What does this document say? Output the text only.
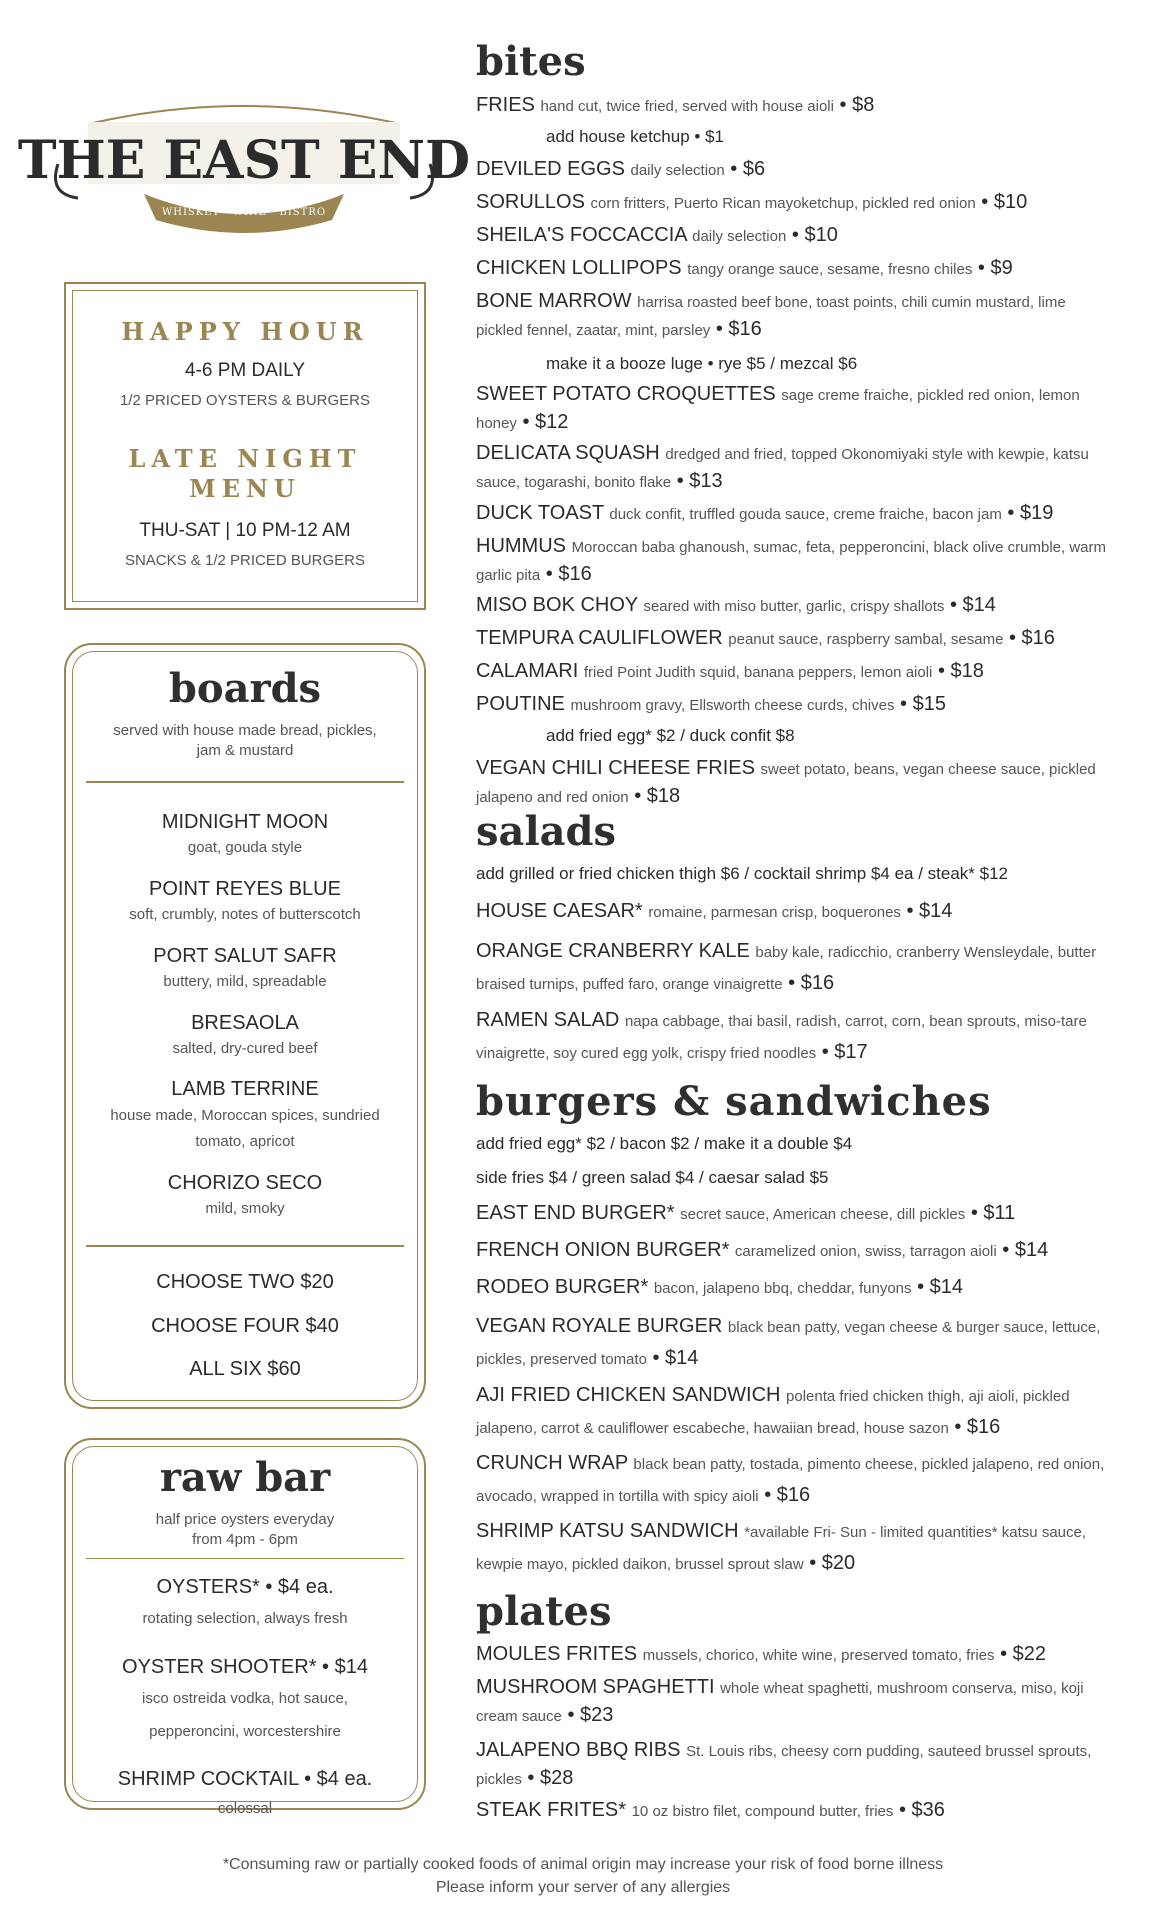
THE EAST END
WHISKEY · WINE · BISTRO
HAPPY HOUR
4-6 PM DAILY
1/2 PRICED OYSTERS & BURGERS
LATE NIGHT
MENU
THU-SAT | 10 PM-12 AM
SNACKS & 1/2 PRICED BURGERS
boards
served with house made bread, pickles,
jam & mustard
MIDNIGHT MOON
goat, gouda style
POINT REYES BLUE
soft, crumbly, notes of butterscotch
PORT SALUT SAFR
buttery, mild, spreadable
BRESAOLA
salted, dry-cured beef
LAMB TERRINE
house made, Moroccan spices, sundried
tomato, apricot
CHORIZO SECO
mild, smoky
CHOOSE TWO $20
CHOOSE FOUR $40
ALL SIX $60
raw bar
half price oysters everyday
from 4pm - 6pm
OYSTERS* • $4 ea.
rotating selection, always fresh
OYSTER SHOOTER* • $14
isco ostreida vodka, hot sauce,
pepperoncini, worcestershire
SHRIMP COCKTAIL • $4 ea.
colossal
bites
FRIES hand cut, twice fried, served with house aioli • $8
add house ketchup • $1
DEVILED EGGS daily selection • $6
SORULLOS corn fritters, Puerto Rican mayoketchup, pickled red onion • $10
SHEILA'S FOCCACCIA daily selection • $10
CHICKEN LOLLIPOPS tangy orange sauce, sesame, fresno chiles • $9
BONE MARROW harrisa roasted beef bone, toast points, chili cumin mustard, lime pickled fennel, zaatar, mint, parsley • $16
make it a booze luge • rye $5 / mezcal $6
SWEET POTATO CROQUETTES sage creme fraiche, pickled red onion, lemon honey • $12
DELICATA SQUASH dredged and fried, topped Okonomiyaki style with kewpie, katsu sauce, togarashi, bonito flake • $13
DUCK TOAST duck confit, truffled gouda sauce, creme fraiche, bacon jam • $19
HUMMUS Moroccan baba ghanoush, sumac, feta, pepperoncini, black olive crumble, warm garlic pita • $16
MISO BOK CHOY seared with miso butter, garlic, crispy shallots • $14
TEMPURA CAULIFLOWER peanut sauce, raspberry sambal, sesame • $16
CALAMARI fried Point Judith squid, banana peppers, lemon aioli • $18
POUTINE mushroom gravy, Ellsworth cheese curds, chives • $15
add fried egg* $2 / duck confit $8
VEGAN CHILI CHEESE FRIES sweet potato, beans, vegan cheese sauce, pickled jalapeno and red onion • $18
salads
add grilled or fried chicken thigh $6 / cocktail shrimp $4 ea / steak* $12
HOUSE CAESAR* romaine, parmesan crisp, boquerones • $14
ORANGE CRANBERRY KALE baby kale, radicchio, cranberry Wensleydale, butter braised turnips, puffed faro, orange vinaigrette • $16
RAMEN SALAD napa cabbage, thai basil, radish, carrot, corn, bean sprouts, miso-tare vinaigrette, soy cured egg yolk, crispy fried noodles • $17
burgers & sandwiches
add fried egg* $2 / bacon $2 / make it a double $4
side fries $4 / green salad $4 / caesar salad $5
EAST END BURGER* secret sauce, American cheese, dill pickles • $11
FRENCH ONION BURGER* caramelized onion, swiss, tarragon aioli • $14
RODEO BURGER* bacon, jalapeno bbq, cheddar, funyons • $14
VEGAN ROYALE BURGER black bean patty, vegan cheese & burger sauce, lettuce, pickles, preserved tomato • $14
AJI FRIED CHICKEN SANDWICH polenta fried chicken thigh, aji aioli, pickled jalapeno, carrot & cauliflower escabeche, hawaiian bread, house sazon • $16
CRUNCH WRAP black bean patty, tostada, pimento cheese, pickled jalapeno, red onion, avocado, wrapped in tortilla with spicy aioli • $16
SHRIMP KATSU SANDWICH *available Fri- Sun - limited quantities* katsu sauce, kewpie mayo, pickled daikon, brussel sprout slaw • $20
plates
MOULES FRITES mussels, chorico, white wine, preserved tomato, fries • $22
MUSHROOM SPAGHETTI whole wheat spaghetti, mushroom conserva, miso, koji cream sauce • $23
JALAPENO BBQ RIBS St. Louis ribs, cheesy corn pudding, sauteed brussel sprouts, pickles • $28
STEAK FRITES* 10 oz bistro filet, compound butter, fries • $36
*Consuming raw or partially cooked foods of animal origin may increase your risk of food borne illness
Please inform your server of any allergies
